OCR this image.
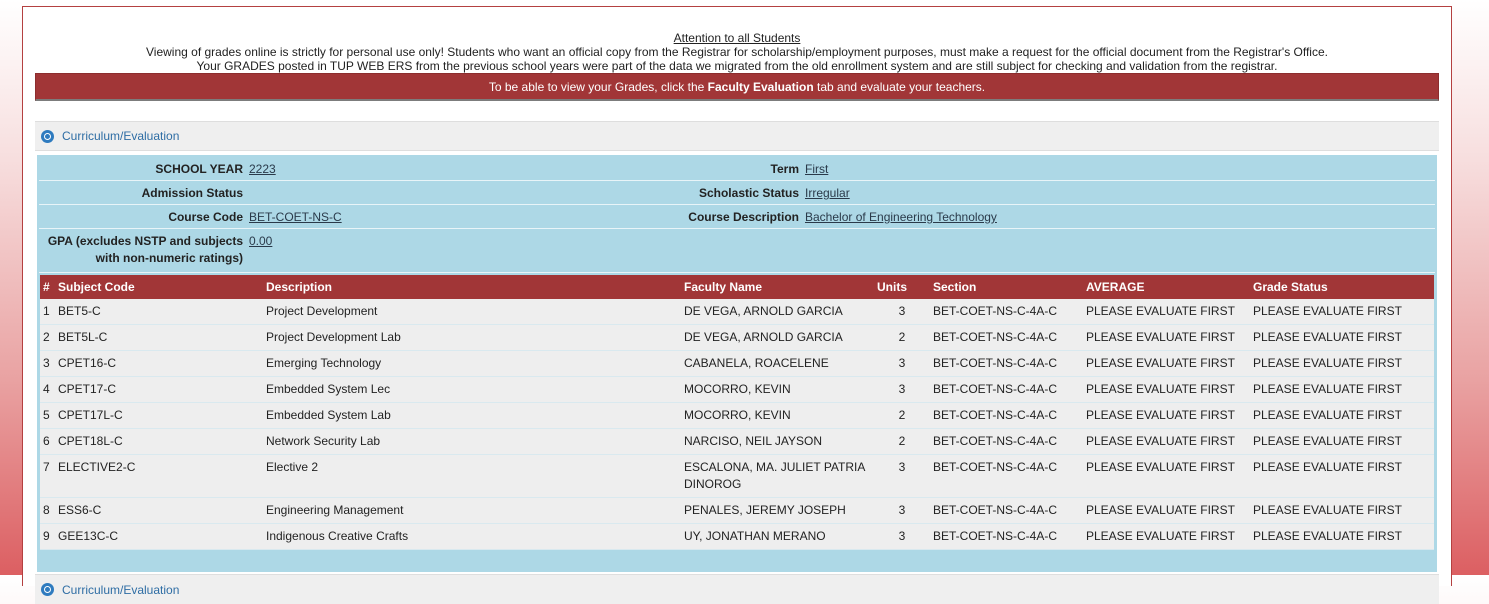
Attention to all Students
Viewing of grades online is strictly for personal use only! Students who want an official copy from the Registrar for scholarship/employment purposes, must make a request for the official document from the Registrar's Office.
Your GRADES posted in TUP WEB ERS from the previous school years were part of the data we migrated from the old enrollment system and are still subject for checking and validation from the registrar.
To be able to view your Grades, click the Faculty Evaluation tab and evaluate your teachers.
Curriculum/Evaluation
SCHOOL YEAR 2223	Term First
Admission Status	Scholastic Status Irregular
Course Code BET-COET-NS-C	Course Description Bachelor of Engineering Technology
GPA (excludes NSTP and subjects with non-numeric ratings)
0.00
#	Subject Code	Description	Faculty Name	Units	Section	AVERAGE	Grade Status
1	BET5-C	Project Development	DE VEGA, ARNOLD GARCIA	3	BET-COET-NS-C-4A-C	PLEASE EVALUATE FIRST	PLEASE EVALUATE FIRST
2	BET5L-C	Project Development Lab	DE VEGA, ARNOLD GARCIA	2	BET-COET-NS-C-4A-C	PLEASE EVALUATE FIRST	PLEASE EVALUATE FIRST
3	CPET16-C	Emerging Technology	CABANELA, ROACELENE	3	BET-COET-NS-C-4A-C	PLEASE EVALUATE FIRST	PLEASE EVALUATE FIRST
4	CPET17-C	Embedded System Lec	MOCORRO, KEVIN	3	BET-COET-NS-C-4A-C	PLEASE EVALUATE FIRST	PLEASE EVALUATE FIRST
5	CPET17L-C	Embedded System Lab	MOCORRO, KEVIN	2	BET-COET-NS-C-4A-C	PLEASE EVALUATE FIRST	PLEASE EVALUATE FIRST
6	CPET18L-C	Network Security Lab	NARCISO, NEIL JAYSON	2	BET-COET-NS-C-4A-C	PLEASE EVALUATE FIRST	PLEASE EVALUATE FIRST
7	ELECTIVE2-C	Elective 2	ESCALONA, MA. JULIET PATRIA DINOROG	3	BET-COET-NS-C-4A-C	PLEASE EVALUATE FIRST	PLEASE EVALUATE FIRST
8	ESS6-C	Engineering Management	PENALES, JEREMY JOSEPH	3	BET-COET-NS-C-4A-C	PLEASE EVALUATE FIRST	PLEASE EVALUATE FIRST
9	GEE13C-C	Indigenous Creative Crafts	UY, JONATHAN MERANO	3	BET-COET-NS-C-4A-C	PLEASE EVALUATE FIRST	PLEASE EVALUATE FIRST
Curriculum/Evaluation
